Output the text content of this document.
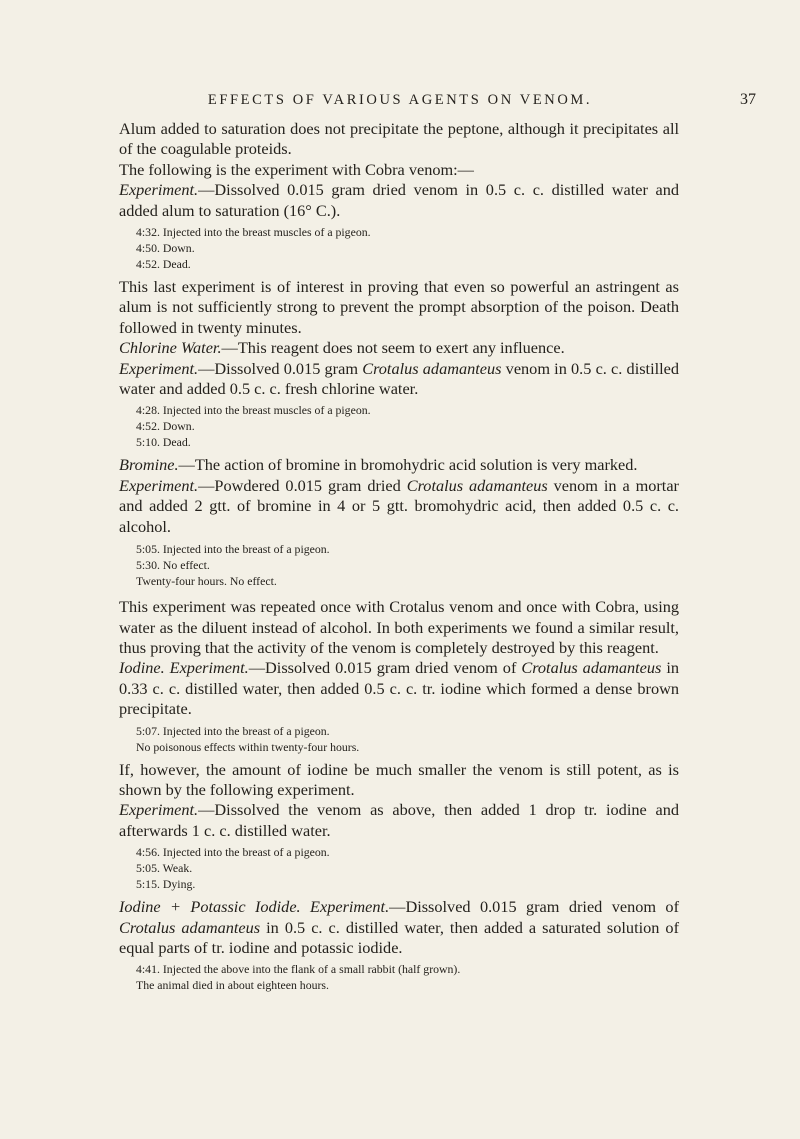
EFFECTS OF VARIOUS AGENTS ON VENOM.	37

Alum added to saturation does not precipitate the peptone, although it precipitates all of the coagulable proteids.

The following is the experiment with Cobra venom:—

Experiment.—Dissolved 0.015 gram dried venom in 0.5 c. c. distilled water and added alum to saturation (16° C.).

4:32. Injected into the breast muscles of a pigeon.
4:50. Down.
4:52. Dead.

This last experiment is of interest in proving that even so powerful an astringent as alum is not sufficiently strong to prevent the prompt absorption of the poison. Death followed in twenty minutes.

Chlorine Water.—This reagent does not seem to exert any influence.

Experiment.—Dissolved 0.015 gram Crotalus adamanteus venom in 0.5 c. c. distilled water and added 0.5 c. c. fresh chlorine water.

4:28. Injected into the breast muscles of a pigeon.
4:52. Down.
5:10. Dead.

Bromine.—The action of bromine in bromohydric acid solution is very marked.

Experiment.—Powdered 0.015 gram dried Crotalus adamanteus venom in a mortar and added 2 gtt. of bromine in 4 or 5 gtt. bromohydric acid, then added 0.5 c. c. alcohol.

5:05. Injected into the breast of a pigeon.
5:30. No effect.
Twenty-four hours. No effect.

This experiment was repeated once with Crotalus venom and once with Cobra, using water as the diluent instead of alcohol. In both experiments we found a similar result, thus proving that the activity of the venom is completely destroyed by this reagent.

Iodine. Experiment.—Dissolved 0.015 gram dried venom of Crotalus adamanteus in 0.33 c. c. distilled water, then added 0.5 c. c. tr. iodine which formed a dense brown precipitate.

5:07. Injected into the breast of a pigeon.
No poisonous effects within twenty-four hours.

If, however, the amount of iodine be much smaller the venom is still potent, as is shown by the following experiment.

Experiment.—Dissolved the venom as above, then added 1 drop tr. iodine and afterwards 1 c. c. distilled water.

4:56. Injected into the breast of a pigeon.
5:05. Weak.
5:15. Dying.

Iodine + Potassic Iodide. Experiment.—Dissolved 0.015 gram dried venom of Crotalus adamanteus in 0.5 c. c. distilled water, then added a saturated solution of equal parts of tr. iodine and potassic iodide.

4:41. Injected the above into the flank of a small rabbit (half grown).
The animal died in about eighteen hours.
